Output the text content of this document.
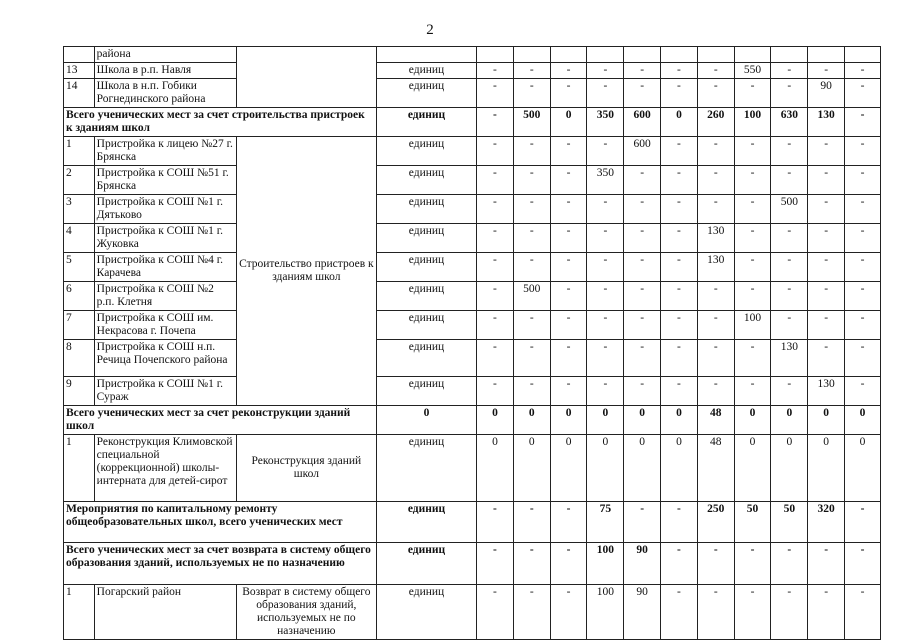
2
	района													
13	Школа в р.п. Навля		единиц	-	-	-	-	-	-	-	550	-	-	-
14	Школа в н.п. Гобики Рогнединского района		единиц	-	-	-	-	-	-	-	-	-	90	-
Всего ученических мест за счет строительства пристроек к зданиям школ			единиц	-	500	0	350	600	0	260	100	630	130	-
1	Пристройка к лицею №27 г. Брянска	Строительство пристроев к зданиям школ	единиц	-	-	-	-	600	-	-	-	-	-	-
2	Пристройка к СОШ №51 г. Брянска		единиц	-	-	-	350	-	-	-	-	-	-	-
3	Пристройка к СОШ №1 г. Дятьково		единиц	-	-	-	-	-	-	-	-	500	-	-
4	Пристройка к СОШ №1 г. Жуковка		единиц	-	-	-	-	-	-	130	-	-	-	-
5	Пристройка к СОШ №4 г. Карачева		единиц	-	-	-	-	-	-	130	-	-	-	-
6	Пристройка к СОШ №2 р.п. Клетня		единиц	-	500	-	-	-	-	-	-	-	-	-
7	Пристройка к СОШ им. Некрасова г. Почепа		единиц	-	-	-	-	-	-	-	100	-	-	-
8	Пристройка к СОШ н.п. Речица Почепского района		единиц	-	-	-	-	-	-	-	-	130	-	-
9	Пристройка к СОШ №1 г. Сураж		единиц	-	-	-	-	-	-	-	-	-	130	-
Всего ученических мест за счет реконструкции зданий школ			0	0	0	0	0	0	0	48	0	0	0	0
1	Реконструкция Климовской специальной (коррекционной) школы-интерната для детей-сирот	Реконструкция зданий школ	единиц	0	0	0	0	0	0	48	0	0	0	0
Мероприятия по капитальному ремонту общеобразовательных школ, всего ученических мест			единиц	-	-	-	75	-	-	250	50	50	320	-
Всего ученических мест за счет возврата в систему общего образования зданий, используемых не по назначению			единиц	-	-	-	100	90	-	-	-	-	-	-
1	Погарский район	Возврат в систему общего образования зданий, используемых не по назначению	единиц	-	-	-	100	90	-	-	-	-	-	-
